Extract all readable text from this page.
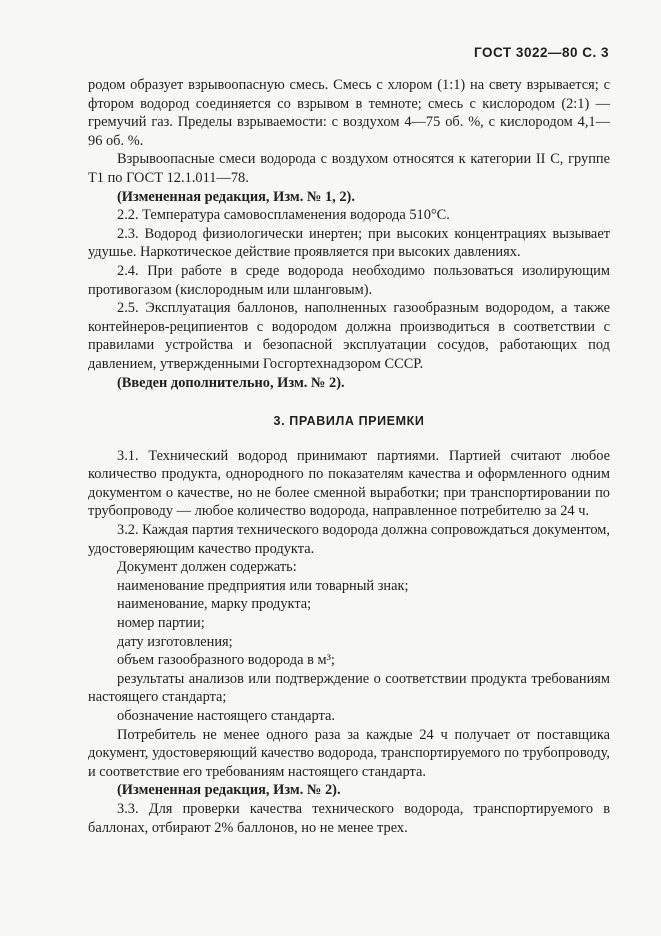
ГОСТ 3022—80 С. 3

родом образует взрывоопасную смесь. Смесь с хлором (1:1) на свету взрывается; с фтором водород соединяется со взрывом в темноте; смесь с кислородом (2:1) — гремучий газ. Пределы взрываемости: с воздухом 4—75 об. %, с кислородом 4,1—96 об. %.

Взрывоопасные смеси водорода с воздухом относятся к категории II С, группе Т1 по ГОСТ 12.1.011—78.

(Измененная редакция, Изм. № 1, 2).

2.2. Температура самовоспламенения водорода 510°С.

2.3. Водород физиологически инертен; при высоких концентрациях вызывает удушье. Наркотическое действие проявляется при высоких давлениях.

2.4. При работе в среде водорода необходимо пользоваться изолирующим противогазом (кислородным или шланговым).

2.5. Эксплуатация баллонов, наполненных газообразным водородом, а также контейнеров-реципиентов с водородом должна производиться в соответствии с правилами устройства и безопасной эксплуатации сосудов, работающих под давлением, утвержденными Госгортехнадзором СССР.

(Введен дополнительно, Изм. № 2).

3. ПРАВИЛА ПРИЕМКИ

3.1. Технический водород принимают партиями. Партией считают любое количество продукта, однородного по показателям качества и оформленного одним документом о качестве, но не более сменной выработки; при транспортировании по трубопроводу — любое количество водорода, направленное потребителю за 24 ч.

3.2. Каждая партия технического водорода должна сопровождаться документом, удостоверяющим качество продукта.

Документ должен содержать:

наименование предприятия или товарный знак;

наименование, марку продукта;

номер партии;

дату изготовления;

объем газообразного водорода в м³;

результаты анализов или подтверждение о соответствии продукта требованиям настоящего стандарта;

обозначение настоящего стандарта.

Потребитель не менее одного раза за каждые 24 ч получает от поставщика документ, удостоверяющий качество водорода, транспортируемого по трубопроводу, и соответствие его требованиям настоящего стандарта.

(Измененная редакция, Изм. № 2).

3.3. Для проверки качества технического водорода, транспортируемого в баллонах, отбирают 2% баллонов, но не менее трех.
